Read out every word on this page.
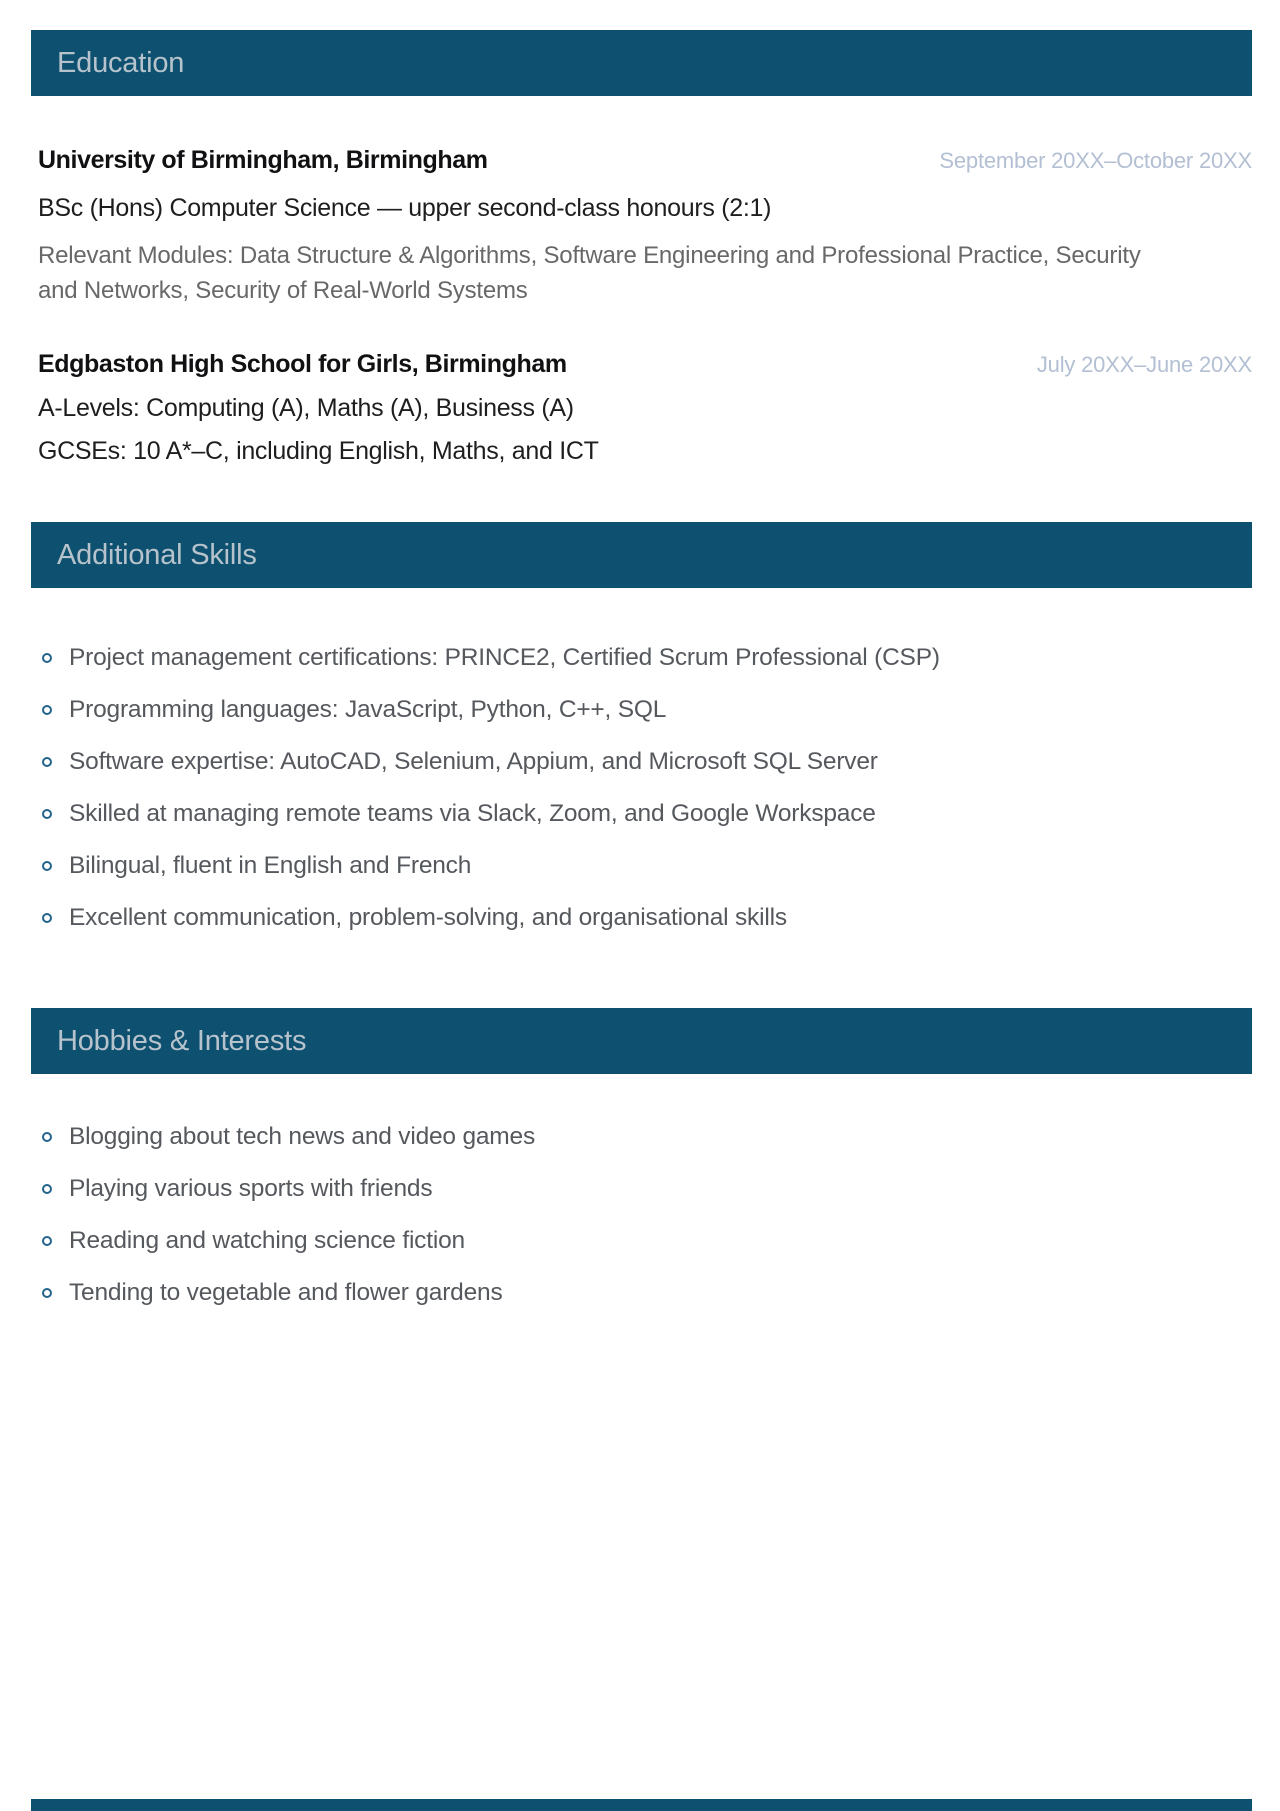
Education
University of Birmingham, Birmingham	September 20XX–October 20XX
BSc (Hons) Computer Science — upper second-class honours (2:1)
Relevant Modules: Data Structure & Algorithms, Software Engineering and Professional Practice, Security and Networks, Security of Real-World Systems
Edgbaston High School for Girls, Birmingham	July 20XX–June 20XX
A-Levels: Computing (A), Maths (A), Business (A)
GCSEs: 10 A*–C, including English, Maths, and ICT
Additional Skills
Project management certifications: PRINCE2, Certified Scrum Professional (CSP)
Programming languages: JavaScript, Python, C++, SQL
Software expertise: AutoCAD, Selenium, Appium, and Microsoft SQL Server
Skilled at managing remote teams via Slack, Zoom, and Google Workspace
Bilingual, fluent in English and French
Excellent communication, problem-solving, and organisational skills
Hobbies & Interests
Blogging about tech news and video games
Playing various sports with friends
Reading and watching science fiction
Tending to vegetable and flower gardens
